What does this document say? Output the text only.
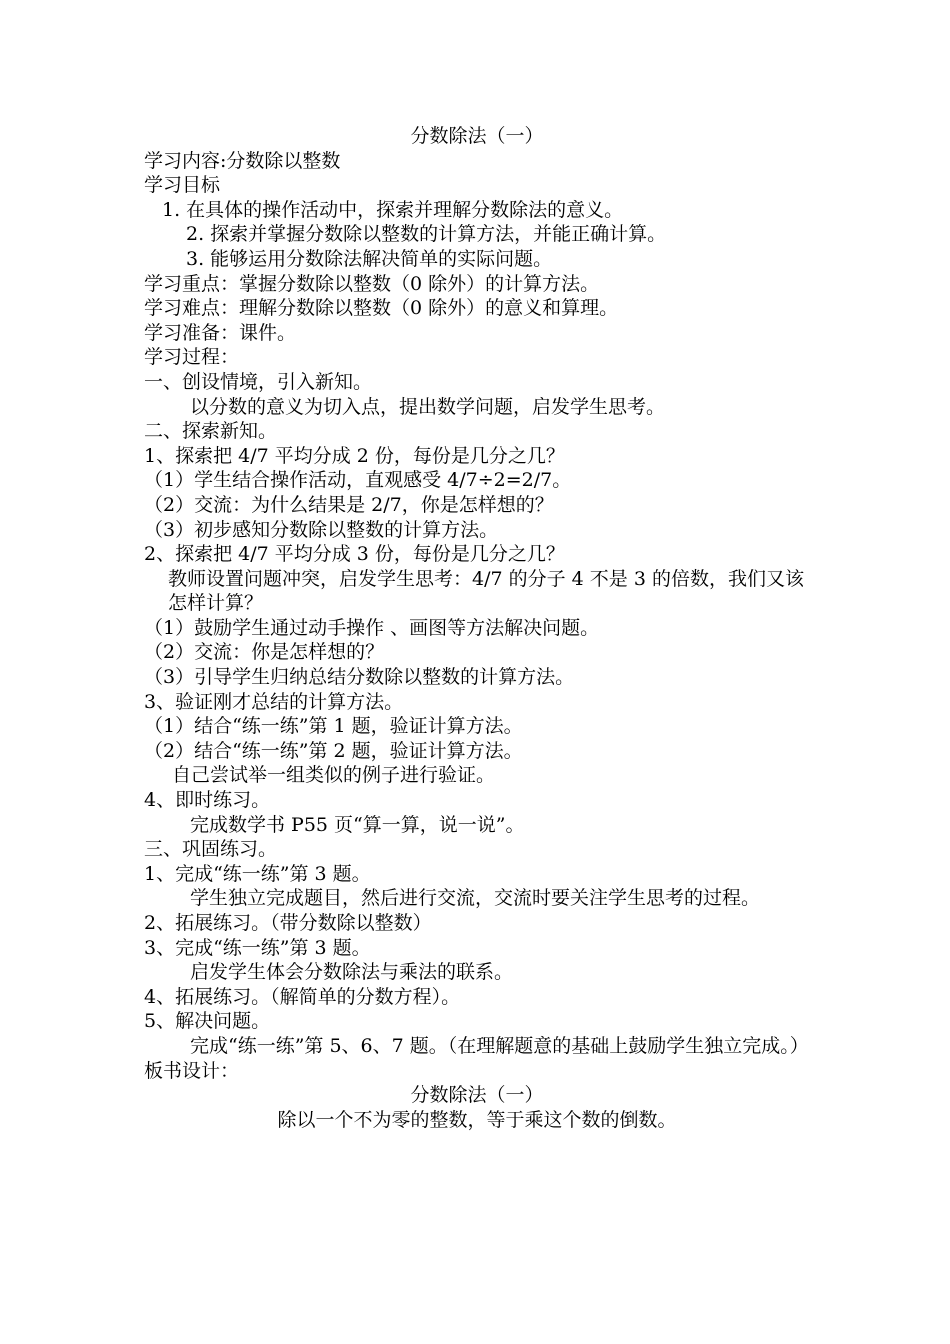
分数除法（一）
学习内容:分数除以整数
学习目标
1. 在具体的操作活动中，探索并理解分数除法的意义。
2. 探索并掌握分数除以整数的计算方法，并能正确计算。
3. 能够运用分数除法解决简单的实际问题。
学习重点：掌握分数除以整数（0 除外）的计算方法。
学习难点：理解分数除以整数（0 除外）的意义和算理。
学习准备：课件。
学习过程：
一、创设情境，引入新知。
以分数的意义为切入点，提出数学问题，启发学生思考。
二、探索新知。
1、探索把 4/7 平均分成 2 份，每份是几分之几？
（1）学生结合操作活动，直观感受 4/7÷2=2/7。
（2）交流：为什么结果是 2/7，你是怎样想的？
（3）初步感知分数除以整数的计算方法。
2、探索把 4/7 平均分成 3 份，每份是几分之几？
教师设置问题冲突，启发学生思考：4/7 的分子 4 不是 3 的倍数，我们又该怎样计算？
（1）鼓励学生通过动手操作 、画图等方法解决问题。
（2）交流：你是怎样想的？
（3）引导学生归纳总结分数除以整数的计算方法。
3、验证刚才总结的计算方法。
（1）结合“练一练”第 1 题，验证计算方法。
（2）结合“练一练”第 2 题，验证计算方法。
自己尝试举一组类似的例子进行验证。
4、即时练习。
完成数学书 P55 页“算一算，说一说”。
三、巩固练习。
1、完成“练一练”第 3 题。
学生独立完成题目，然后进行交流，交流时要关注学生思考的过程。
2、拓展练习。（带分数除以整数）
3、完成“练一练”第 3 题。
启发学生体会分数除法与乘法的联系。
4、拓展练习。（解简单的分数方程）。
5、解决问题。
完成“练一练”第 5、6、7 题。（在理解题意的基础上鼓励学生独立完成。）
板书设计：
分数除法（一）
除以一个不为零的整数，等于乘这个数的倒数。
